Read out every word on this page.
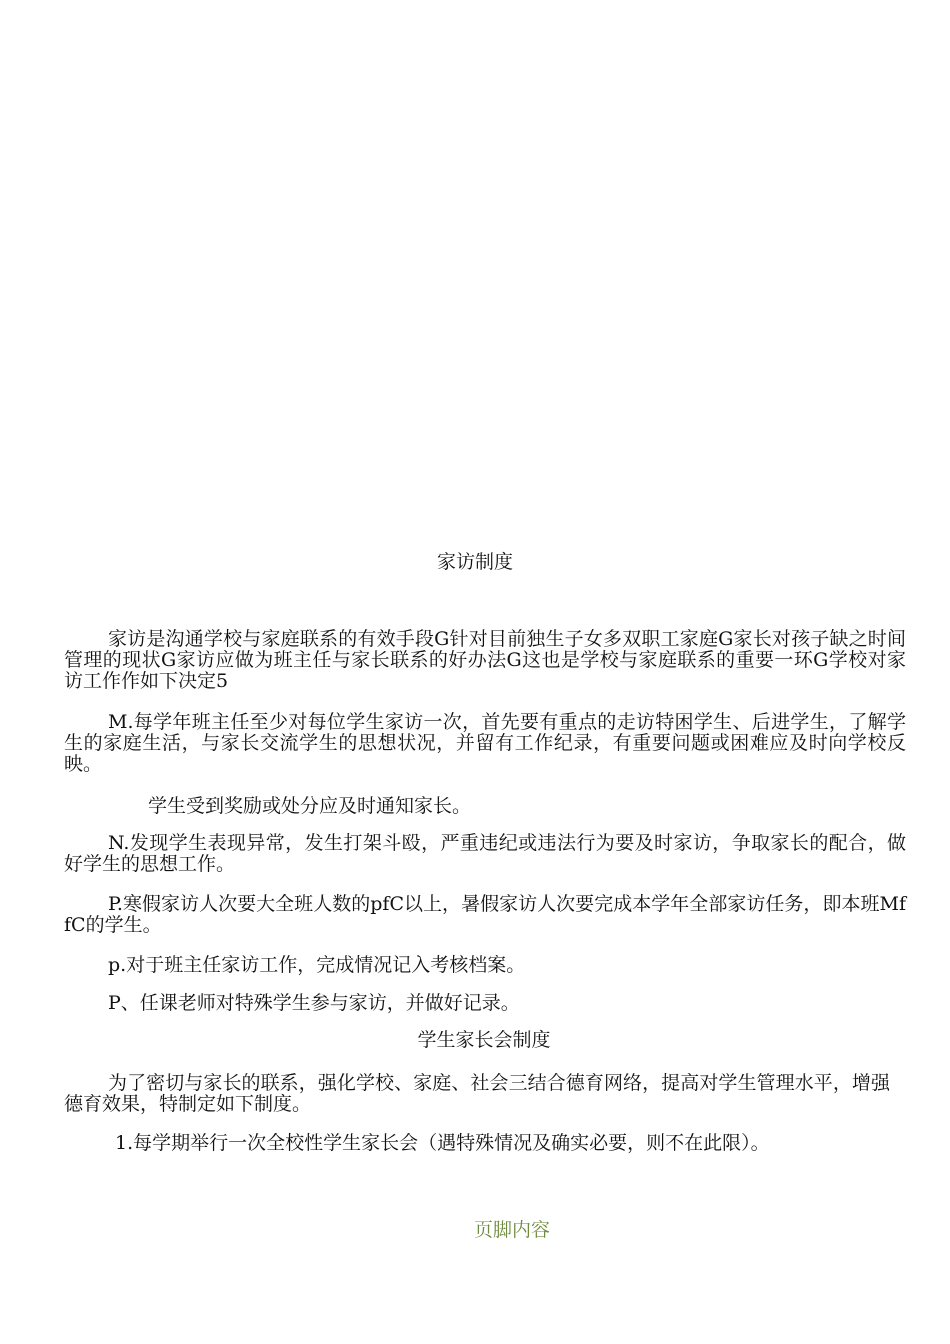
家访制度
家访是沟通学校与家庭联系的有效手段G针对目前独生子女多双职工家庭G家长对孩子缺之时间管理的现状G家访应做为班主任与家长联系的好办法G这也是学校与家庭联系的重要一环G学校对家访工作作如下决定5
M.每学年班主任至少对每位学生家访一次，首先要有重点的走访特困学生、后进学生，了解学生的家庭生活，与家长交流学生的思想状况，并留有工作纪录，有重要问题或困难应及时向学校反映。
学生受到奖励或处分应及时通知家长。
N.发现学生表现异常，发生打架斗殴，严重违纪或违法行为要及时家访，争取家长的配合，做好学生的思想工作。
P.寒假家访人次要大全班人数的pfC以上，暑假家访人次要完成本学年全部家访任务，即本班MffC的学生。
p.对于班主任家访工作，完成情况记入考核档案。
P、任课老师对特殊学生参与家访，并做好记录。
学生家长会制度
为了密切与家长的联系，强化学校、家庭、社会三结合德育网络，提高对学生管理水平，增强德育效果，特制定如下制度。
1.每学期举行一次全校性学生家长会（遇特殊情况及确实必要，则不在此限）。
页脚内容
